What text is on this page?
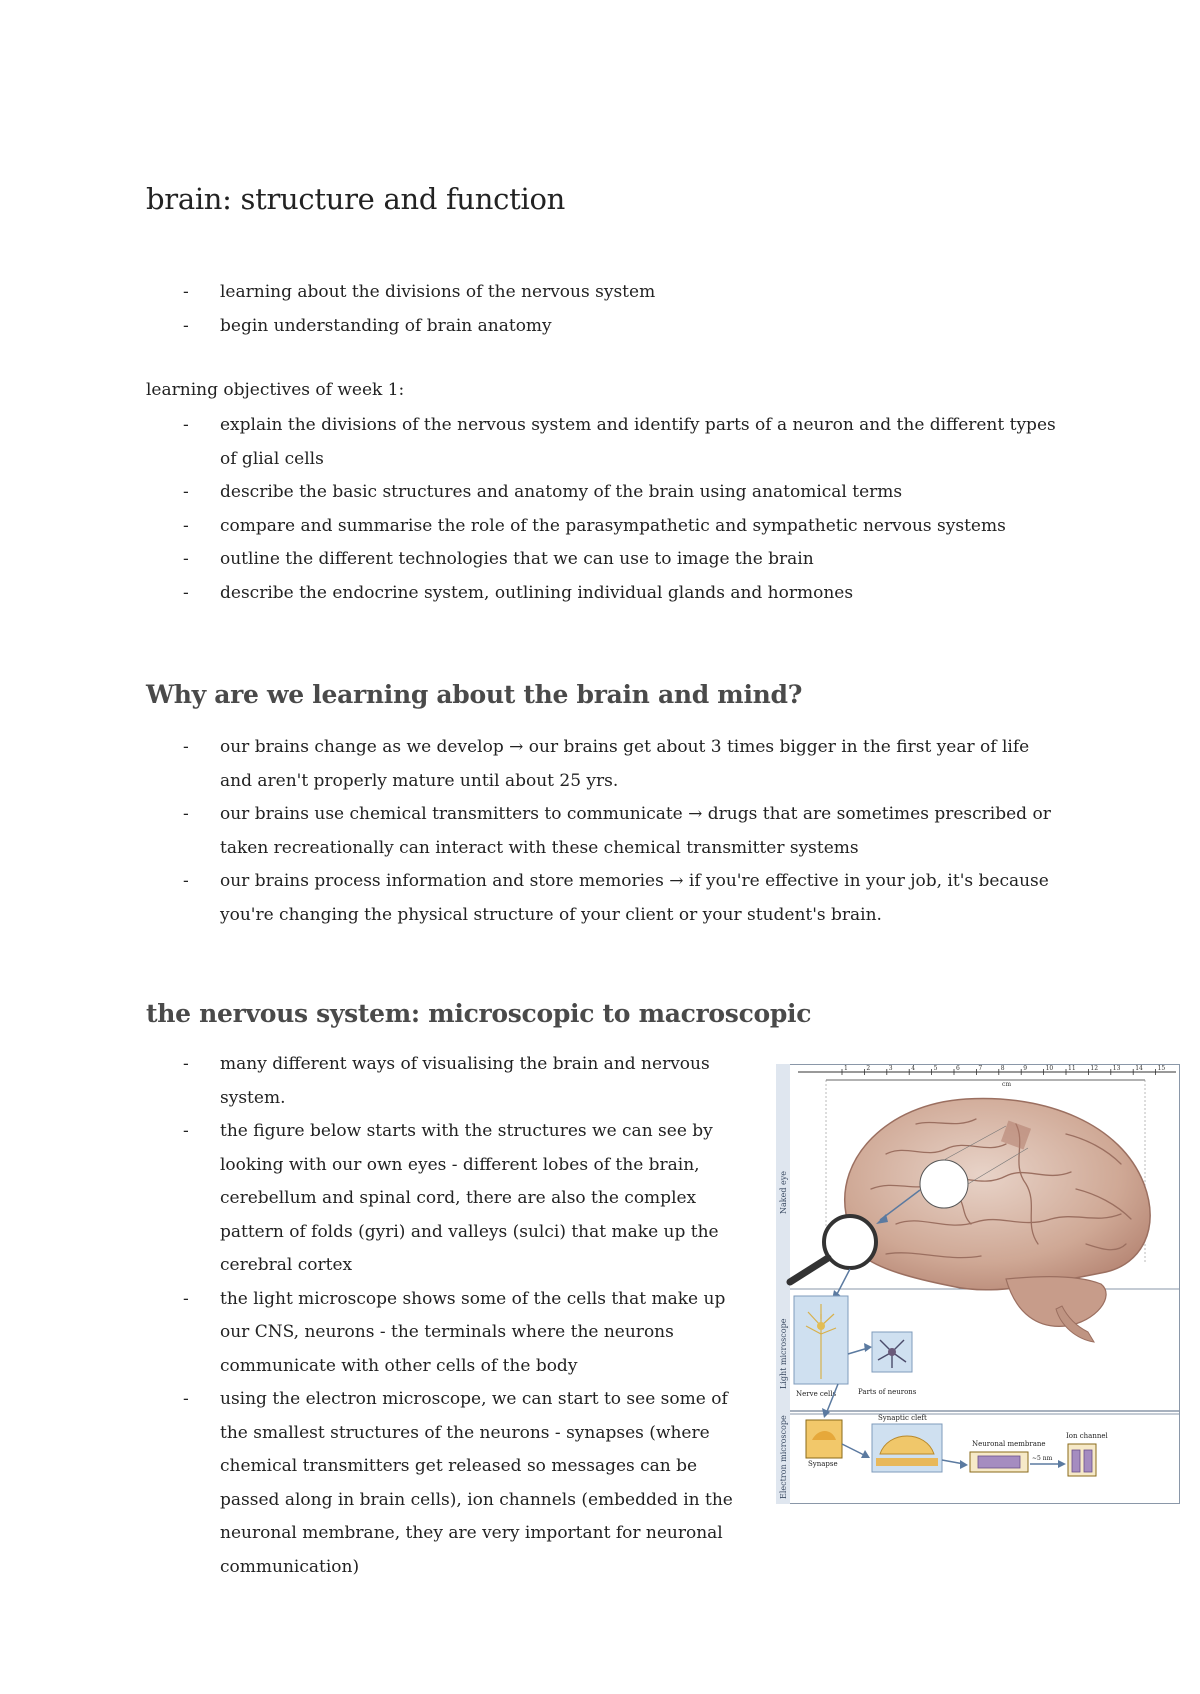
brain: structure and function
- learning about the divisions of the nervous system
- begin understanding of brain anatomy

learning objectives of week 1:

- explain the divisions of the nervous system and identify parts of a neuron and the different types of glial cells
- describe the basic structures and anatomy of the brain using anatomical terms
- compare and summarise the role of the parasympathetic and sympathetic nervous systems
- outline the different technologies that we can use to image the brain
- describe the endocrine system, outlining individual glands and hormones
Why are we learning about the brain and mind?
- our brains change as we develop → our brains get about 3 times bigger in the first year of life and aren't properly mature until about 25 yrs.
- our brains use chemical transmitters to communicate → drugs that are sometimes prescribed or taken recreationally can interact with these chemical transmitter systems
- our brains process information and store memories → if you're effective in your job, it's because you're changing the physical structure of your client or your student's brain.
the nervous system: microscopic to macroscopic
- many different ways of visualising the brain and nervous system.
- the figure below starts with the structures we can see by looking with our own eyes - different lobes of the brain, cerebellum and spinal cord, there are also the complex pattern of folds (gyri) and valleys (sulci) that make up the cerebral cortex
- the light microscope shows some of the cells that make up our CNS, neurons - the terminals where the neurons communicate with other cells of the body
- using the electron microscope, we can start to see some of the smallest structures of the neurons - synapses (where chemical transmitters get released so messages can be passed along in brain cells), ion channels (embedded in the neuronal membrane, they are very important for neuronal communication)
Naked eye
Light microscope
Electron microscope
cm
1	2	3	4	5	6	7	8	9	10 11 12 13 14 15
Nerve cells	Parts of neurons
Synapse
Synaptic cleft
Neuronal membrane
~5 nm
Ion channel
